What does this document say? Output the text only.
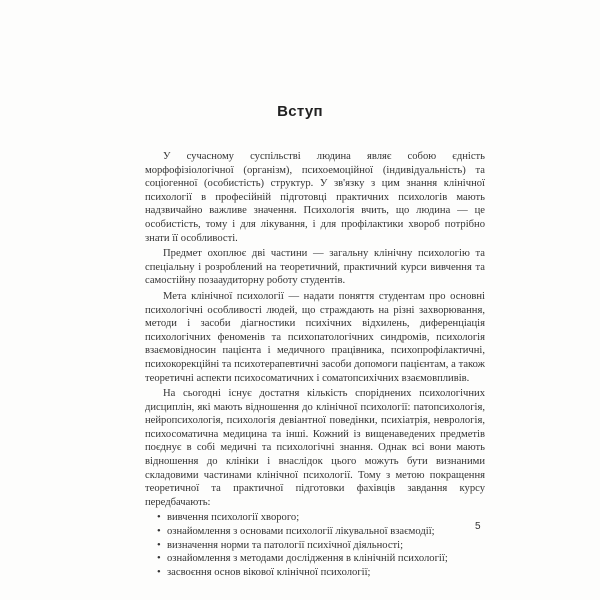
Вступ

У сучасному суспільстві людина являє собою єдність морфофізіологічної (організм), психоемоційної (індивідуальність) та соціогенної (особистість) структур. У зв'язку з цим знання клінічної психології в професійній підготовці практичних психологів мають надзвичайно важливе значення. Психологія вчить, що людина — це особистість, тому і для лікування, і для профілактики хвороб потрібно знати її особливості.

Предмет охоплює дві частини — загальну клінічну психологію та спеціальну і розроблений на теоретичний, практичний курси вивчення та самостійну позааудиторну роботу студентів.

Мета клінічної психології — надати поняття студентам про основні психологічні особливості людей, що страждають на різні захворювання, методи і засоби діагностики психічних відхилень, диференціація психологічних феноменів та психопатологічних синдромів, психологія взаємовідносин пацієнта і медичного працівника, психопрофілактичні, психокорекційні та психотерапевтичні засоби допомоги пацієнтам, а також теоретичні аспекти психосоматичних і соматопсихічних взаємовпливів.

На сьогодні існує достатня кількість споріднених психологічних дисциплін, які мають відношення до клінічної психології: патопсихологія, нейропсихологія, психологія девіантної поведінки, психіатрія, неврологія, психосоматична медицина та інші. Кожний із вищенаведених предметів поєднує в собі медичні та психологічні знання. Однак всі вони мають відношення до клініки і внаслідок цього можуть бути визнаними складовими частинами клінічної психології. Тому з метою покращення теоретичної та практичної підготовки фахівців завдання курсу передбачають:

• вивчення психології хворого;
• ознайомлення з основами психології лікувальної взаємодії;
• визначення норми та патології психічної діяльності;
• ознайомлення з методами дослідження в клінічній психології;
• засвоєння основ вікової клінічної психології;
5
